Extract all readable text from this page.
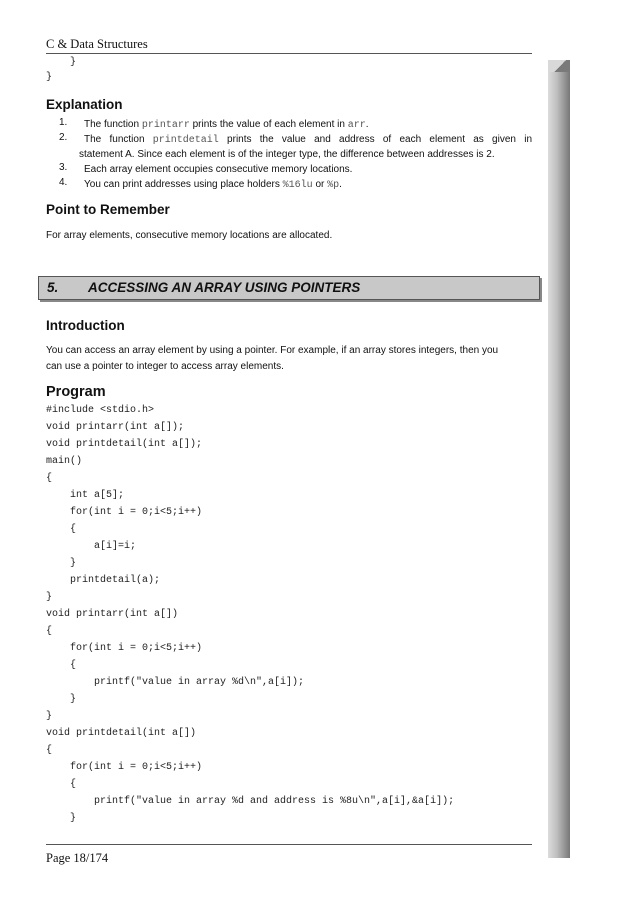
C & Data Structures
}
}
Explanation
1. The function printarr prints the value of each element in arr.
2. The function printdetail prints the value and address of each element as given in
statement A. Since each element is of the integer type, the difference between addresses is 2.
3. Each array element occupies consecutive memory locations.
4. You can print addresses using place holders %16lu or %p.
Point to Remember
For array elements, consecutive memory locations are allocated.
5. ACCESSING AN ARRAY USING POINTERS
Introduction
You can access an array element by using a pointer. For example, if an array stores integers, then you
can use a pointer to integer to access array elements.
Program
#include <stdio.h>
void printarr(int a[]);
void printdetail(int a[]);
main()
{
int a[5];
for(int i = 0;i<5;i++)
{
a[i]=i;
}
printdetail(a);
}
void printarr(int a[])
{
for(int i = 0;i<5;i++)
{
printf("value in array %d\n",a[i]);
}
}
void printdetail(int a[])
{
for(int i = 0;i<5;i++)
{
printf("value in array %d and address is %8u\n",a[i],&a[i]);
}
Page 18/174
